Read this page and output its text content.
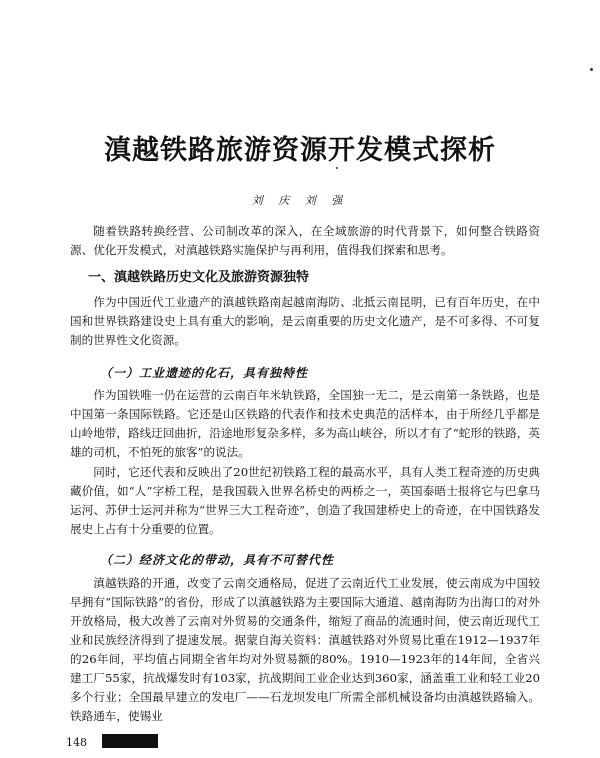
滇越铁路旅游资源开发模式探析
刘 庆 刘 强

随着铁路转换经营、公司制改革的深入，在全域旅游的时代背景下，如何整合铁路资源、优化开发模式，对滇越铁路实施保护与再利用，值得我们探索和思考。

一、滇越铁路历史文化及旅游资源独特

作为中国近代工业遗产的滇越铁路南起越南海防、北抵云南昆明，已有百年历史，在中国和世界铁路建设史上具有重大的影响，是云南重要的历史文化遗产，是不可多得、不可复制的世界性文化资源。

（一）工业遗迹的化石，具有独特性

作为国铁唯一仍在运营的云南百年米轨铁路，全国独一无二，是云南第一条铁路，也是中国第一条国际铁路。它还是山区铁路的代表作和技术史典范的活样本，由于所经几乎都是山岭地带，路线迂回曲折，沿途地形复杂多样，多为高山峡谷，所以才有了“蛇形的铁路，英雄的司机，不怕死的旅客”的说法。

同时，它还代表和反映出了20世纪初铁路工程的最高水平，具有人类工程奇迹的历史典藏价值，如“人”字桥工程，是我国载入世界名桥史的两桥之一，英国泰晤士报将它与巴拿马运河、苏伊士运河并称为“世界三大工程奇迹”，创造了我国建桥史上的奇迹，在中国铁路发展史上占有十分重要的位置。

（二）经济文化的带动，具有不可替代性

滇越铁路的开通，改变了云南交通格局，促进了云南近代工业发展，使云南成为中国较早拥有“国际铁路”的省份，形成了以滇越铁路为主要国际大通道、越南海防为出海口的对外开放格局，极大改善了云南对外贸易的交通条件，缩短了商品的流通时间，使云南近现代工业和民族经济得到了提速发展。据蒙自海关资料：滇越铁路对外贸易比重在1912—1937年的26年间，平均值占同期全省年均对外贸易额的80%。1910—1923年的14年间，全省兴建工厂55家，抗战爆发时有103家，抗战期间工业企业达到360家，涵盖重工业和轻工业20多个行业；全国最早建立的发电厂——石龙坝发电厂所需全部机械设备均由滇越铁路输入。铁路通车，使锡业

148
